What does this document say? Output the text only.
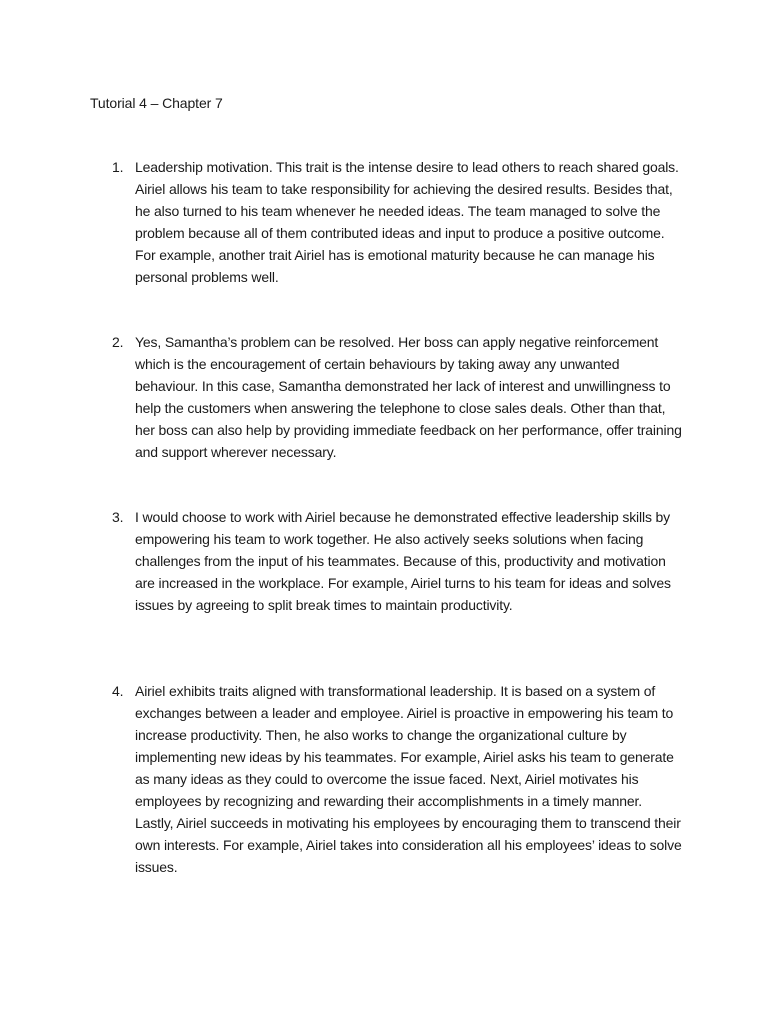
Tutorial 4 – Chapter 7
1. Leadership motivation. This trait is the intense desire to lead others to reach shared goals. Airiel allows his team to take responsibility for achieving the desired results. Besides that, he also turned to his team whenever he needed ideas. The team managed to solve the problem because all of them contributed ideas and input to produce a positive outcome. For example, another trait Airiel has is emotional maturity because he can manage his personal problems well.
2. Yes, Samantha’s problem can be resolved. Her boss can apply negative reinforcement which is the encouragement of certain behaviours by taking away any unwanted behaviour. In this case, Samantha demonstrated her lack of interest and unwillingness to help the customers when answering the telephone to close sales deals. Other than that, her boss can also help by providing immediate feedback on her performance, offer training and support wherever necessary.
3. I would choose to work with Airiel because he demonstrated effective leadership skills by empowering his team to work together. He also actively seeks solutions when facing challenges from the input of his teammates. Because of this, productivity and motivation are increased in the workplace. For example, Airiel turns to his team for ideas and solves issues by agreeing to split break times to maintain productivity.
4. Airiel exhibits traits aligned with transformational leadership. It is based on a system of exchanges between a leader and employee. Airiel is proactive in empowering his team to increase productivity. Then, he also works to change the organizational culture by implementing new ideas by his teammates. For example, Airiel asks his team to generate as many ideas as they could to overcome the issue faced. Next, Airiel motivates his employees by recognizing and rewarding their accomplishments in a timely manner. Lastly, Airiel succeeds in motivating his employees by encouraging them to transcend their own interests. For example, Airiel takes into consideration all his employees’ ideas to solve issues.
